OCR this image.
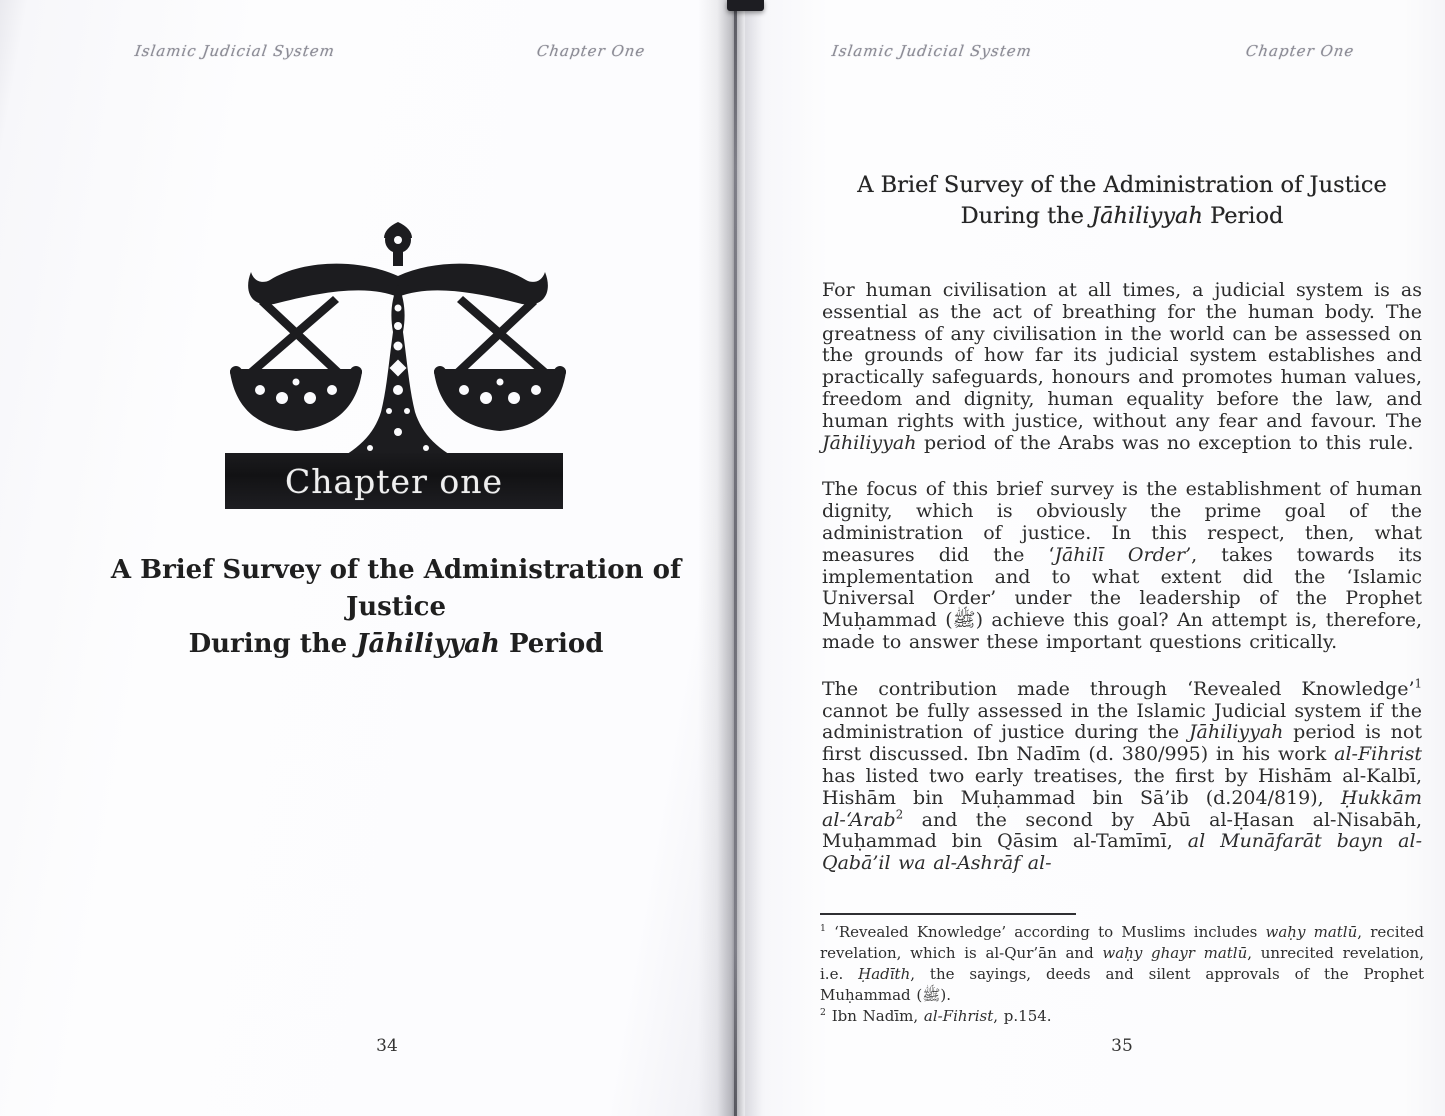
Islamic Judicial System	Chapter One
Chapter one
A Brief Survey of the Administration of Justice
During the Jāhiliyyah Period
34
Islamic Judicial System	Chapter One
A Brief Survey of the Administration of Justice
During the Jāhiliyyah Period

For human civilisation at all times, a judicial system is as essential as the act of breathing for the human body. The greatness of any civilisation in the world can be assessed on the grounds of how far its judicial system establishes and practically safeguards, honours and promotes human values, freedom and dignity, human equality before the law, and human rights with justice, without any fear and favour. The Jāhiliyyah period of the Arabs was no exception to this rule.

The focus of this brief survey is the establishment of human dignity, which is obviously the prime goal of the administration of justice. In this respect, then, what measures did the ‘Jāhilī Order’, takes towards its implementation and to what extent did the ‘Islamic Universal Order’ under the leadership of the Prophet Muḥammad (ﷺ) achieve this goal? An attempt is, therefore, made to answer these important questions critically.

The contribution made through ‘Revealed Knowledge’$^1$ cannot be fully assessed in the Islamic Judicial system if the administration of justice during the Jāhiliyyah period is not first discussed. Ibn Nadīm (d. 380/995) in his work al-Fihrist has listed two early treatises, the first by Hishām al-Kalbī, Hishām bin Muḥammad bin Sā’ib (d.204/819), Ḥukkām al-‘Arab$^2$ and the second by Abū al-Ḥasan al-Nisabāh, Muḥammad bin Qāsim al-Tamīmī, al Munāfarāt bayn al-Qabā’il wa al-Ashrāf al-

$^1$ ‘Revealed Knowledge’ according to Muslims includes waḥy matlū, recited revelation, which is al-Qur’ān and waḥy ghayr matlū, unrecited revelation, i.e. Ḥadīth, the sayings, deeds and silent approvals of the Prophet Muḥammad (ﷺ).

$^2$ Ibn Nadīm, al-Fihrist, p.154.

35
